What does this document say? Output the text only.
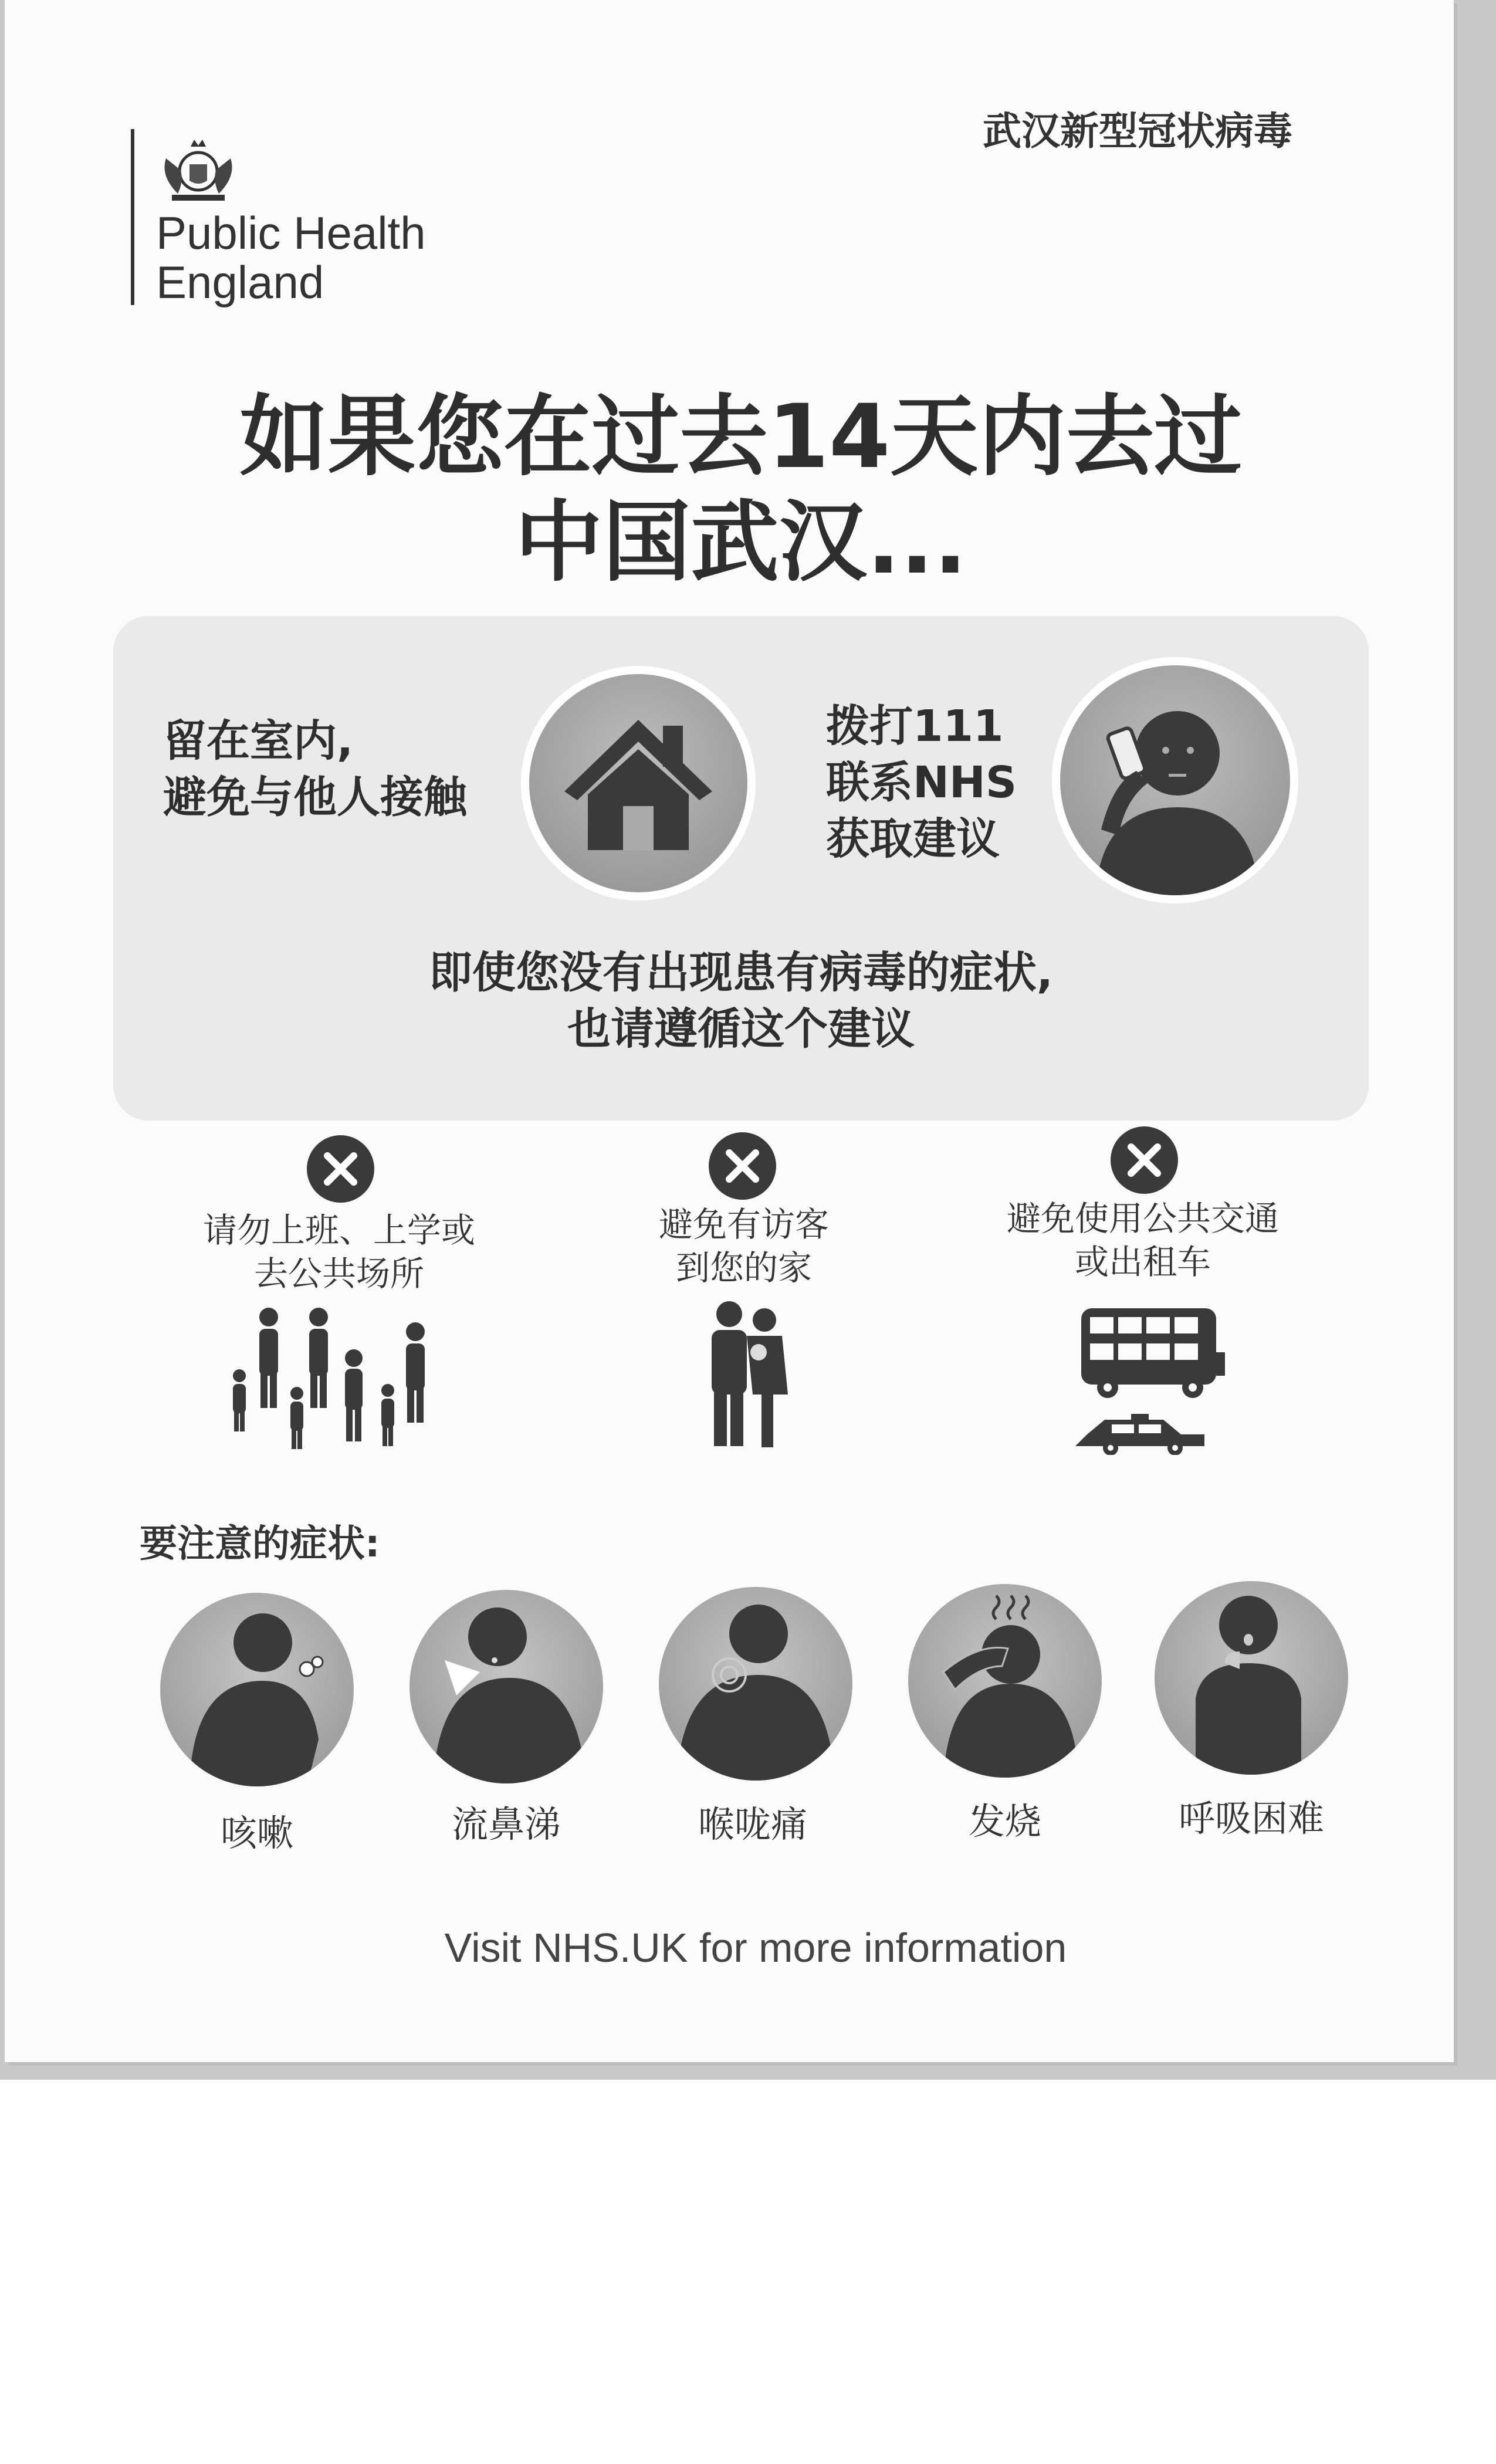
Public Health
England
武汉新型冠状病毒
如果您在过去14天内去过
中国武汉...
留在室内,
避免与他人接触
拨打111
联系NHS
获取建议
即使您没有出现患有病毒的症状,
也请遵循这个建议
请勿上班、上学或
去公共场所
避免有访客
到您的家
避免使用公共交通
或出租车
要注意的症状:
咳嗽	流鼻涕	喉咙痛	发烧	呼吸困难
Visit NHS.UK for more information
